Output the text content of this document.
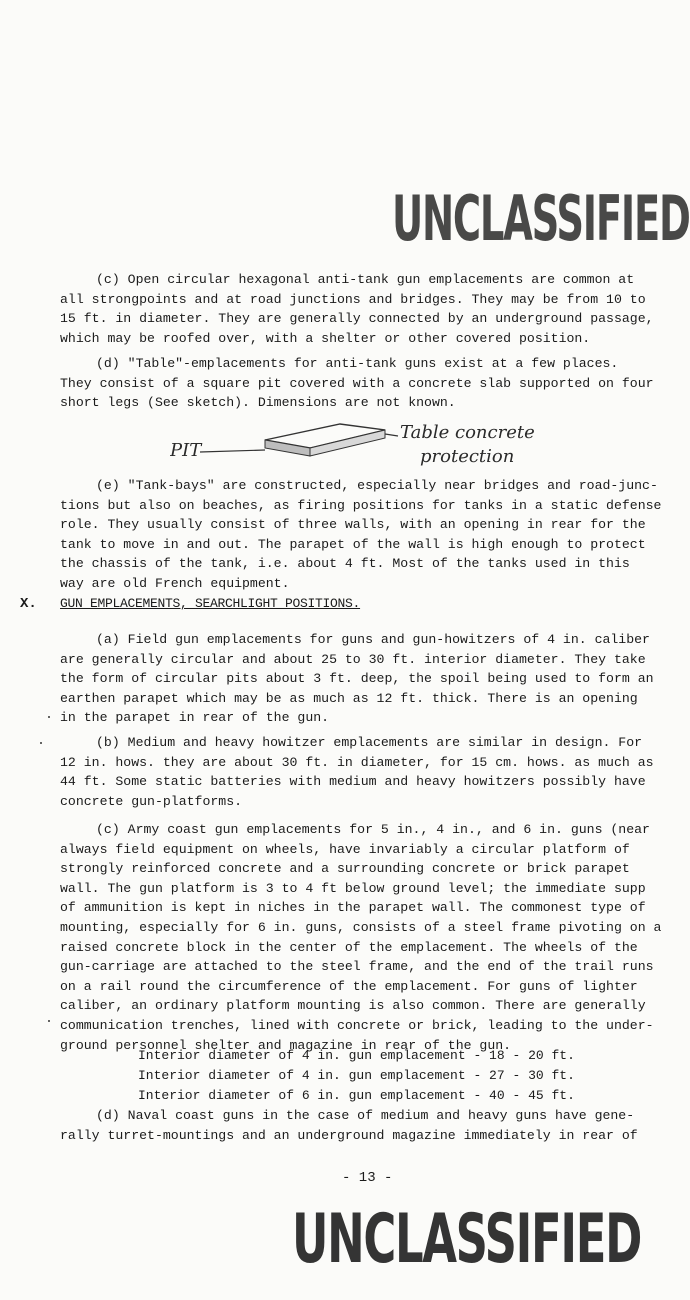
UNCLASSIFIED

(c) Open circular hexagonal anti-tank gun emplacements are common at
all strongpoints and at road junctions and bridges. They may be from 10 to
15 ft. in diameter. They are generally connected by an underground passage,
which may be roofed over, with a shelter or other covered position.

(d) "Table"-emplacements for anti-tank guns exist at a few places.
They consist of a square pit covered with a concrete slab supported on four
short legs (See sketch). Dimensions are not known.

PIT
Table concrete
protection

(e) "Tank-bays" are constructed, especially near bridges and road-junc-
tions but also on beaches, as firing positions for tanks in a static defense
role. They usually consist of three walls, with an opening in rear for the
tank to move in and out. The parapet of the wall is high enough to protect
the chassis of the tank, i.e. about 4 ft. Most of the tanks used in this
way are old French equipment.

X. GUN EMPLACEMENTS, SEARCHLIGHT POSITIONS.

(a) Field gun emplacements for guns and gun-howitzers of 4 in. caliber
are generally circular and about 25 to 30 ft. interior diameter. They take
the form of circular pits about 3 ft. deep, the spoil being used to form an
earthen parapet which may be as much as 12 ft. thick. There is an opening
in the parapet in rear of the gun.

(b) Medium and heavy howitzer emplacements are similar in design. For
12 in. hows. they are about 30 ft. in diameter, for 15 cm. hows. as much as
44 ft. Some static batteries with medium and heavy howitzers possibly have
concrete gun-platforms.

(c) Army coast gun emplacements for 5 in., 4 in., and 6 in. guns (near
always field equipment on wheels, have invariably a circular platform of
strongly reinforced concrete and a surrounding concrete or brick parapet
wall. The gun platform is 3 to 4 ft below ground level; the immediate supp
of ammunition is kept in niches in the parapet wall. The commonest type of
mounting, especially for 6 in. guns, consists of a steel frame pivoting on a
raised concrete block in the center of the emplacement. The wheels of the
gun-carriage are attached to the steel frame, and the end of the trail runs
on a rail round the circumference of the emplacement. For guns of lighter
caliber, an ordinary platform mounting is also common. There are generally
communication trenches, lined with concrete or brick, leading to the under-
ground personnel shelter and magazine in rear of the gun.

Interior diameter of 4 in. gun emplacement - 18 - 20 ft.
Interior diameter of 4 in. gun emplacement - 27 - 30 ft.
Interior diameter of 6 in. gun emplacement - 40 - 45 ft.

(d) Naval coast guns in the case of medium and heavy guns have gene-
rally turret-mountings and an underground magazine immediately in rear of

- 13 -
UNCLASSIFIED
